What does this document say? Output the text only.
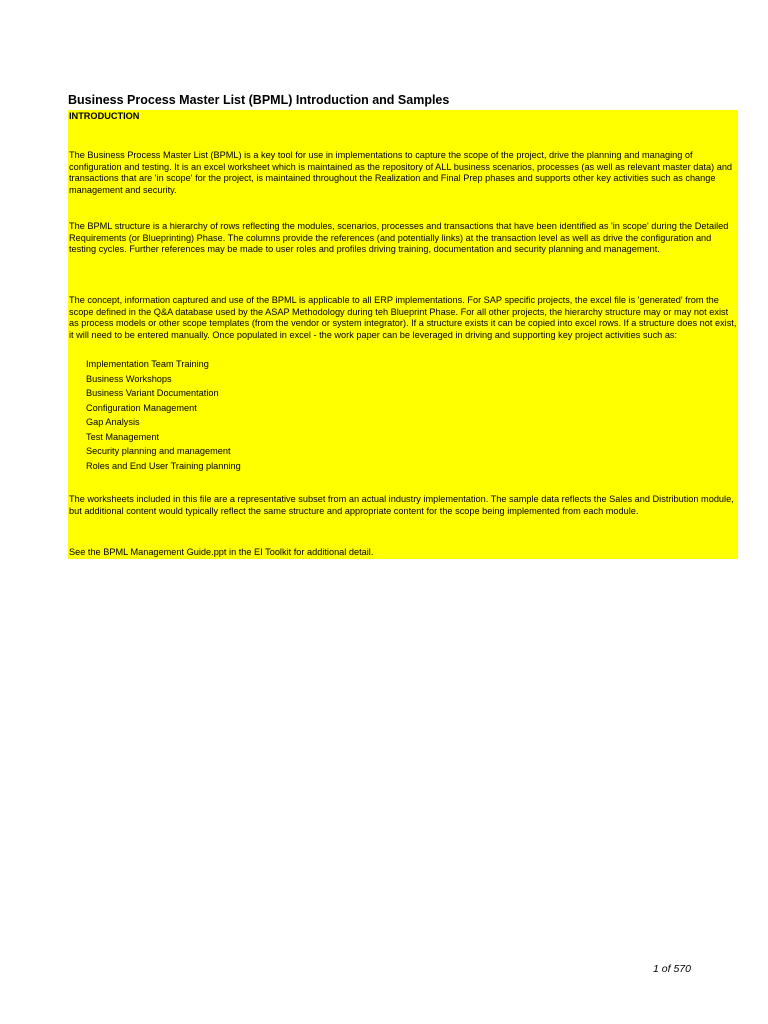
Business Process Master List (BPML) Introduction and Samples

INTRODUCTION

The Business Process Master List (BPML) is a key tool for use in implementations to capture the scope of the project, drive the planning and managing of configuration and testing. It is an excel worksheet which is maintained as the repository of ALL business scenarios, processes (as well as relevant master data) and transactions that are 'in scope' for the project, is maintained throughout the Realization and Final Prep phases and supports other key activities such as change management and security.

The BPML structure is a hierarchy of rows reflecting the modules, scenarios, processes and transactions that have been identified as 'in scope' during the Detailed Requirements (or Blueprinting) Phase. The columns provide the references (and potentially links) at the transaction level as well as drive the configuration and testing cycles. Further references may be made to user roles and profiles driving training, documentation and security planning and management.

The concept, information captured and use of the BPML is applicable to all ERP implementations. For SAP specific projects, the excel file is 'generated' from the scope defined in the Q&A database used by the ASAP Methodology during teh Blueprint Phase. For all other projects, the hierarchy structure may or may not exist as process models or other scope templates (from the vendor or system integrator). If a structure exists it can be copied into excel rows. If a structure does not exist, it will need to be entered manually. Once populated in excel - the work paper can be leveraged in driving and supporting key project activities such as:

Implementation Team Training
Business Workshops
Business Variant Documentation
Configuration Management
Gap Analysis
Test Management
Security planning and management
Roles and End User Training planning

The worksheets included in this file are a representative subset from an actual industry implementation. The sample data reflects the Sales and Distribution module, but additional content would typically reflect the same structure and appropriate content for the scope being implemented from each module.

See the BPML Management Guide.ppt in the EI Toolkit for additional detail.

1 of 570
